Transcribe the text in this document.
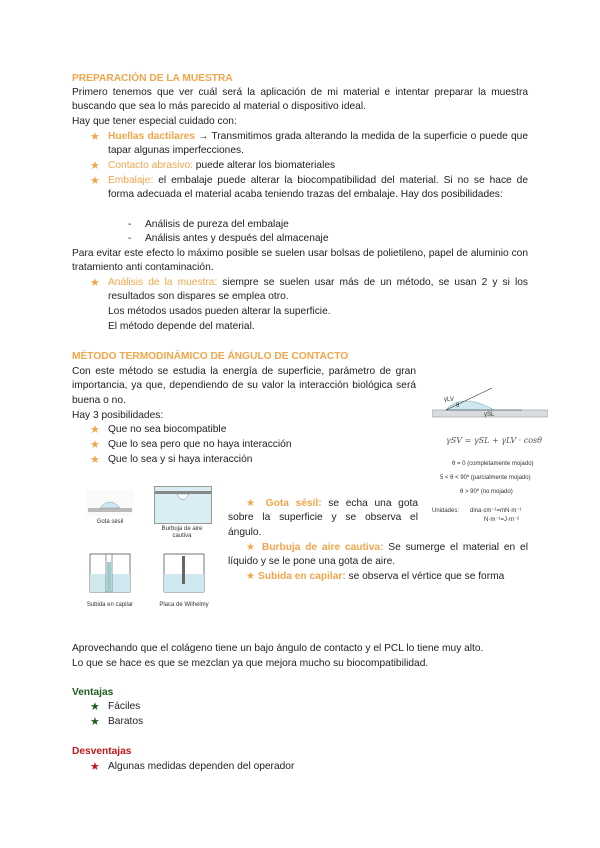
PREPARACIÓN DE LA MUESTRA

Primero tenemos que ver cuál será la aplicación de mi material e intentar preparar la muestra buscando que sea lo más parecido al material o dispositivo ideal.

Hay que tener especial cuidado con:

★ Huellas dactilares → Transmitimos grada alterando la medida de la superficie o puede que tapar algunas imperfecciones.

★ Contacto abrasivo: puede alterar los biomateriales

★ Embalaje: el embalaje puede alterar la biocompatibilidad del material. Si no se hace de forma adecuada el material acaba teniendo trazas del embalaje. Hay dos posibilidades:

- Análisis de pureza del embalaje

- Análisis antes y después del almacenaje

Para evitar este efecto lo máximo posible se suelen usar bolsas de polietileno, papel de aluminio con tratamiento anti contaminación.

★ Análisis de la muestra: siempre se suelen usar más de un método, se usan 2 y si los resultados son dispares se emplea otro.

Los métodos usados pueden alterar la superficie.

El método depende del material.

MÉTODO TERMODINÁMICO DE ÁNGULO DE CONTACTO

Con este método se estudia la energía de superficie, parámetro de gran importancia, ya que, dependiendo de su valor la interacción biológica será buena o no.

Hay 3 posibilidades:

★ Que no sea biocompatible

★ Que lo sea pero que no haya interacción

★ Que lo sea y si haya interacción

γLV
γSL
θ
γSV = γSL + γLV · cosθ
θ = 0 (completamente mojado)
5 < θ < 90º (parcialmente mojado)
θ > 90º (no mojado)
Unidades: dina·cm⁻¹=mN·m⁻¹
N·m⁻¹=J·m⁻²
Gota sésil
Burbuja de aire cautiva
Subida en capilar	Placa de Wilhelmy

★ Gota sésil: se echa una gota sobre la superficie y se observa el ángulo.

★ Burbuja de aire cautiva: Se sumerge el material en el líquido y se le pone una gota de aire.

★ Subida en capilar: se observa el vértice que se forma

Aprovechando que el colágeno tiene un bajo ángulo de contacto y el PCL lo tiene muy alto.

Lo que se hace es que se mezclan ya que mejora mucho su biocompatibilidad.

Ventajas
★ Fáciles

★ Baratos

Desventajas
★ Algunas medidas dependen del operador
